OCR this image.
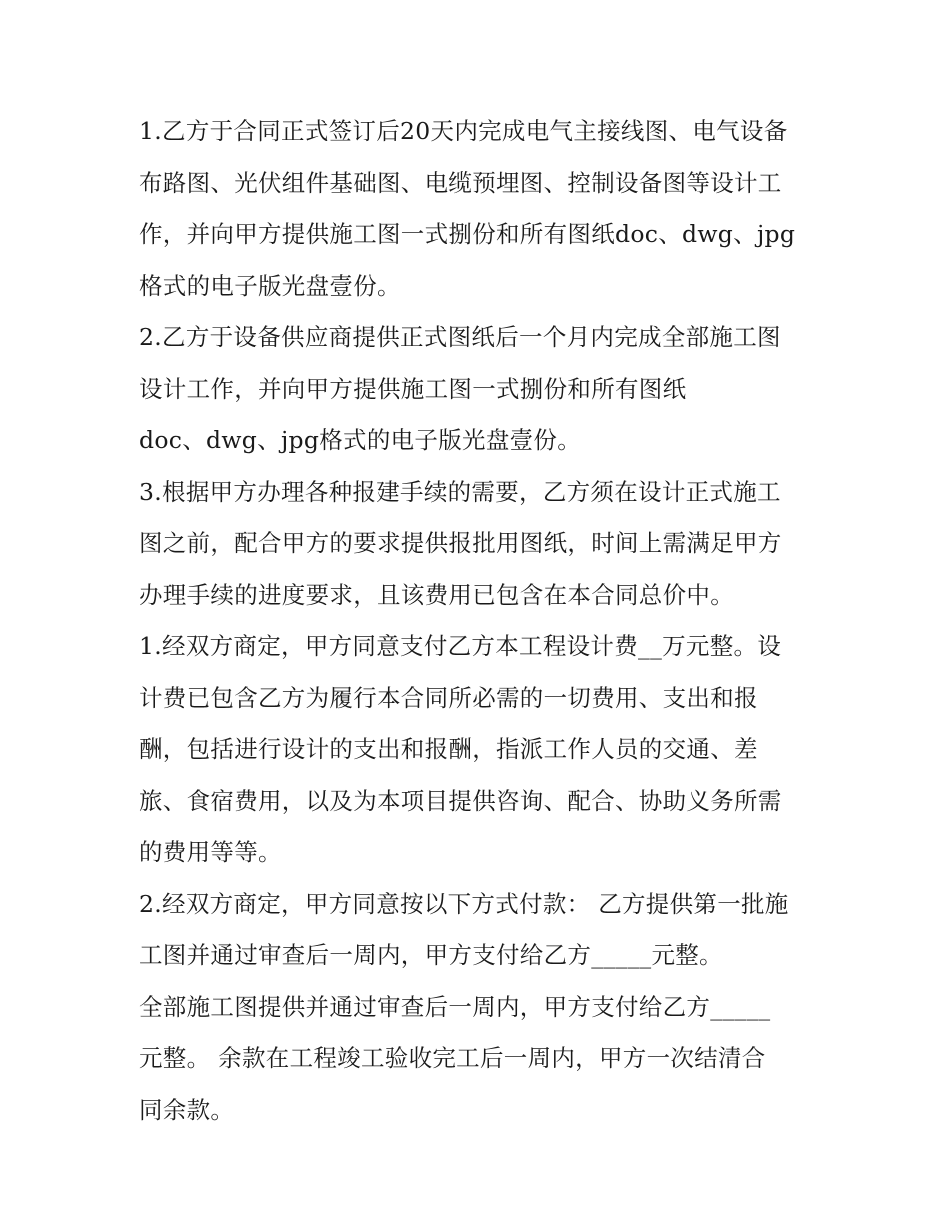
1.乙方于合同正式签订后20天内完成电气主接线图、电气设备
布路图、光伏组件基础图、电缆预埋图、控制设备图等设计工
作，并向甲方提供施工图一式捌份和所有图纸doc、dwg、jpg
格式的电子版光盘壹份。
2.乙方于设备供应商提供正式图纸后一个月内完成全部施工图
设计工作，并向甲方提供施工图一式捌份和所有图纸
doc、dwg、jpg格式的电子版光盘壹份。
3.根据甲方办理各种报建手续的需要，乙方须在设计正式施工
图之前，配合甲方的要求提供报批用图纸，时间上需满足甲方
办理手续的进度要求，且该费用已包含在本合同总价中。
1.经双方商定，甲方同意支付乙方本工程设计费__万元整。设
计费已包含乙方为履行本合同所必需的一切费用、支出和报
酬，包括进行设计的支出和报酬，指派工作人员的交通、差
旅、食宿费用，以及为本项目提供咨询、配合、协助义务所需
的费用等等。
2.经双方商定，甲方同意按以下方式付款： 乙方提供第一批施
工图并通过审查后一周内，甲方支付给乙方_____元整。
全部施工图提供并通过审查后一周内，甲方支付给乙方_____
元整。 余款在工程竣工验收完工后一周内，甲方一次结清合
同余款。
